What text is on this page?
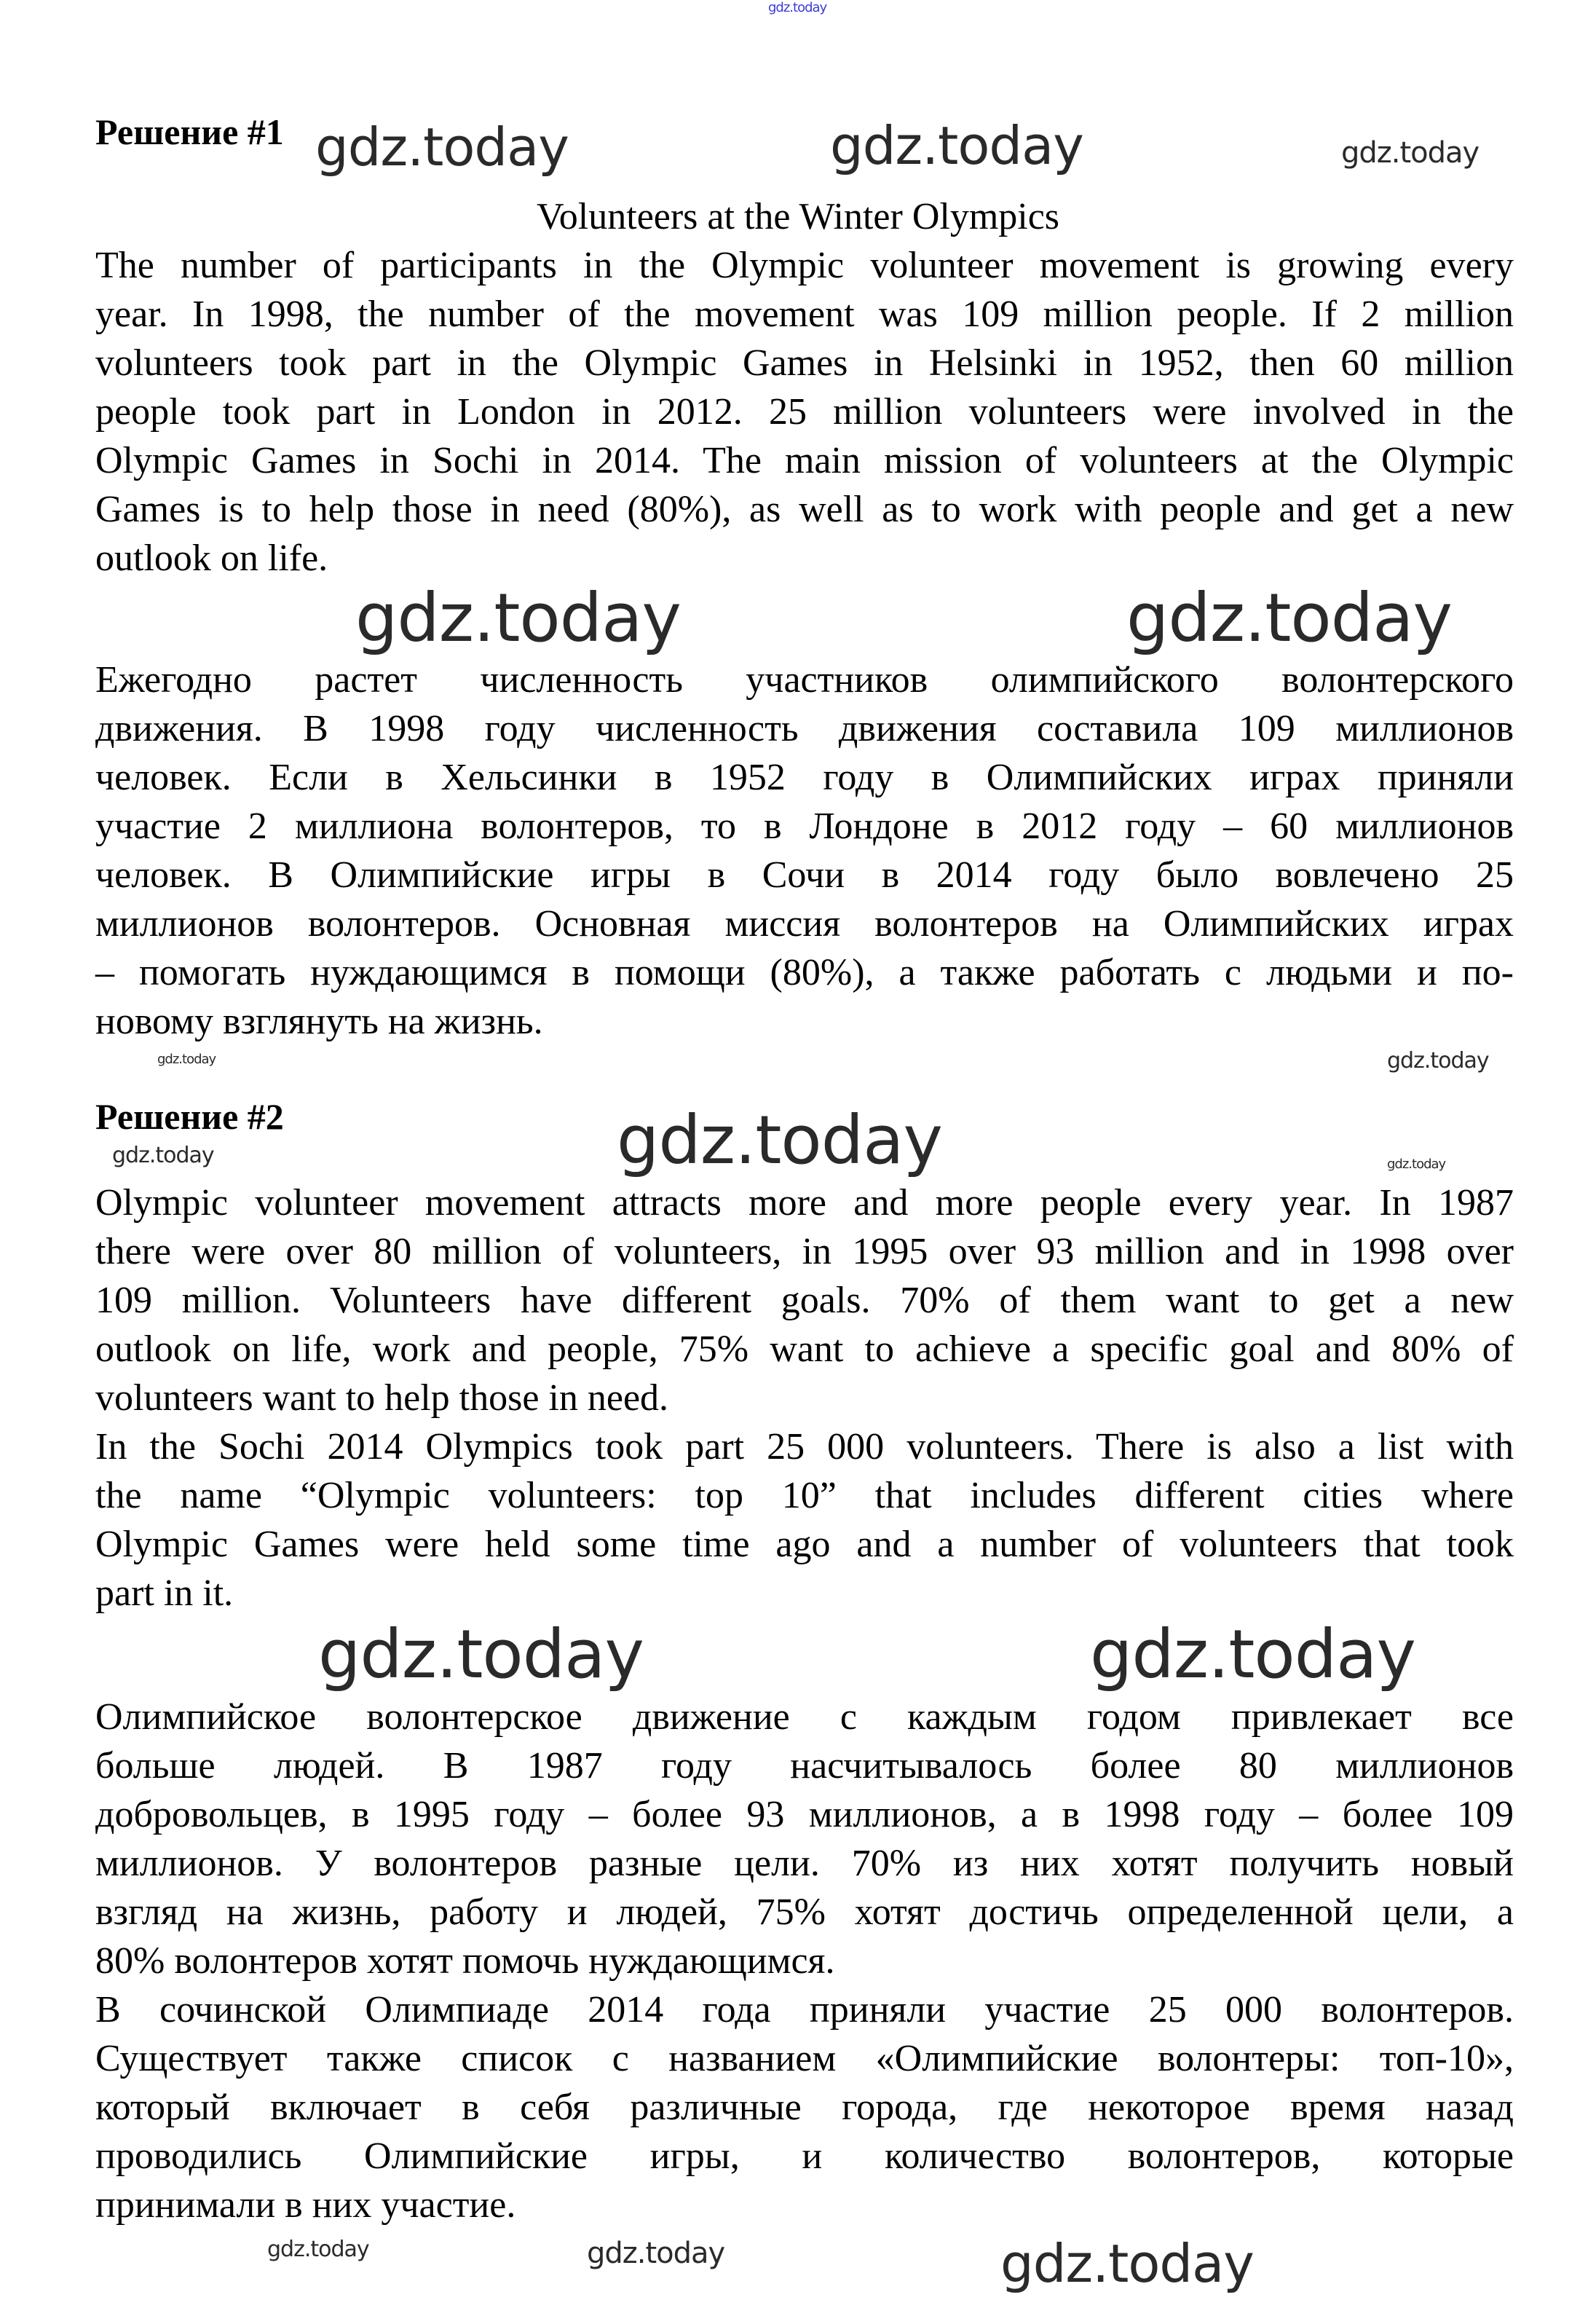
gdz.today
Решение #1 gdz.today	gdz.today	gdz.today
Volunteers at the Winter Olympics
The number of participants in the Olympic volunteer movement is growing every
year. In 1998, the number of the movement was 109 million people. If 2 million
volunteers took part in the Olympic Games in Helsinki in 1952, then 60 million
people took part in London in 2012. 25 million volunteers were involved in the
Olympic Games in Sochi in 2014. The main mission of volunteers at the Olympic
Games is to help those in need (80%), as well as to work with people and get a new
outlook on life.
gdz.today	gdz.today
Ежегодно растет численность участников олимпийского волонтерского
движения. В 1998 году численность движения составила 109 миллионов
человек. Если в Хельсинки в 1952 году в Олимпийских играх приняли
участие 2 миллиона волонтеров, то в Лондоне в 2012 году – 60 миллионов
человек. В Олимпийские игры в Сочи в 2014 году было вовлечено 25
миллионов волонтеров. Основная миссия волонтеров на Олимпийских играх
– помогать нуждающимся в помощи (80%), а также работать с людьми и по-
новому взглянуть на жизнь.
gdz.today	gdz.today
Решение #2	gdz.today
gdz.today	gdz.today
Olympic volunteer movement attracts more and more people every year. In 1987
there were over 80 million of volunteers, in 1995 over 93 million and in 1998 over
109 million. Volunteers have different goals. 70% of them want to get a new
outlook on life, work and people, 75% want to achieve a specific goal and 80% of
volunteers want to help those in need.
In the Sochi 2014 Olympics took part 25 000 volunteers. There is also a list with
the name “Olympic volunteers: top 10” that includes different cities where
Olympic Games were held some time ago and a number of volunteers that took
part in it.
gdz.today	gdz.today
Олимпийское волонтерское движение с каждым годом привлекает все
больше людей. В 1987 году насчитывалось более 80 миллионов
добровольцев, в 1995 году – более 93 миллионов, а в 1998 году – более 109
миллионов. У волонтеров разные цели. 70% из них хотят получить новый
взгляд на жизнь, работу и людей, 75% хотят достичь определенной цели, а
80% волонтеров хотят помочь нуждающимся.
В сочинской Олимпиаде 2014 года приняли участие 25 000 волонтеров.
Существует также список с названием «Олимпийские волонтеры: топ-10»,
который включает в себя различные города, где некоторое время назад
проводились Олимпийские игры, и количество волонтеров, которые
принимали в них участие.
gdz.today	gdz.today	gdz.today
